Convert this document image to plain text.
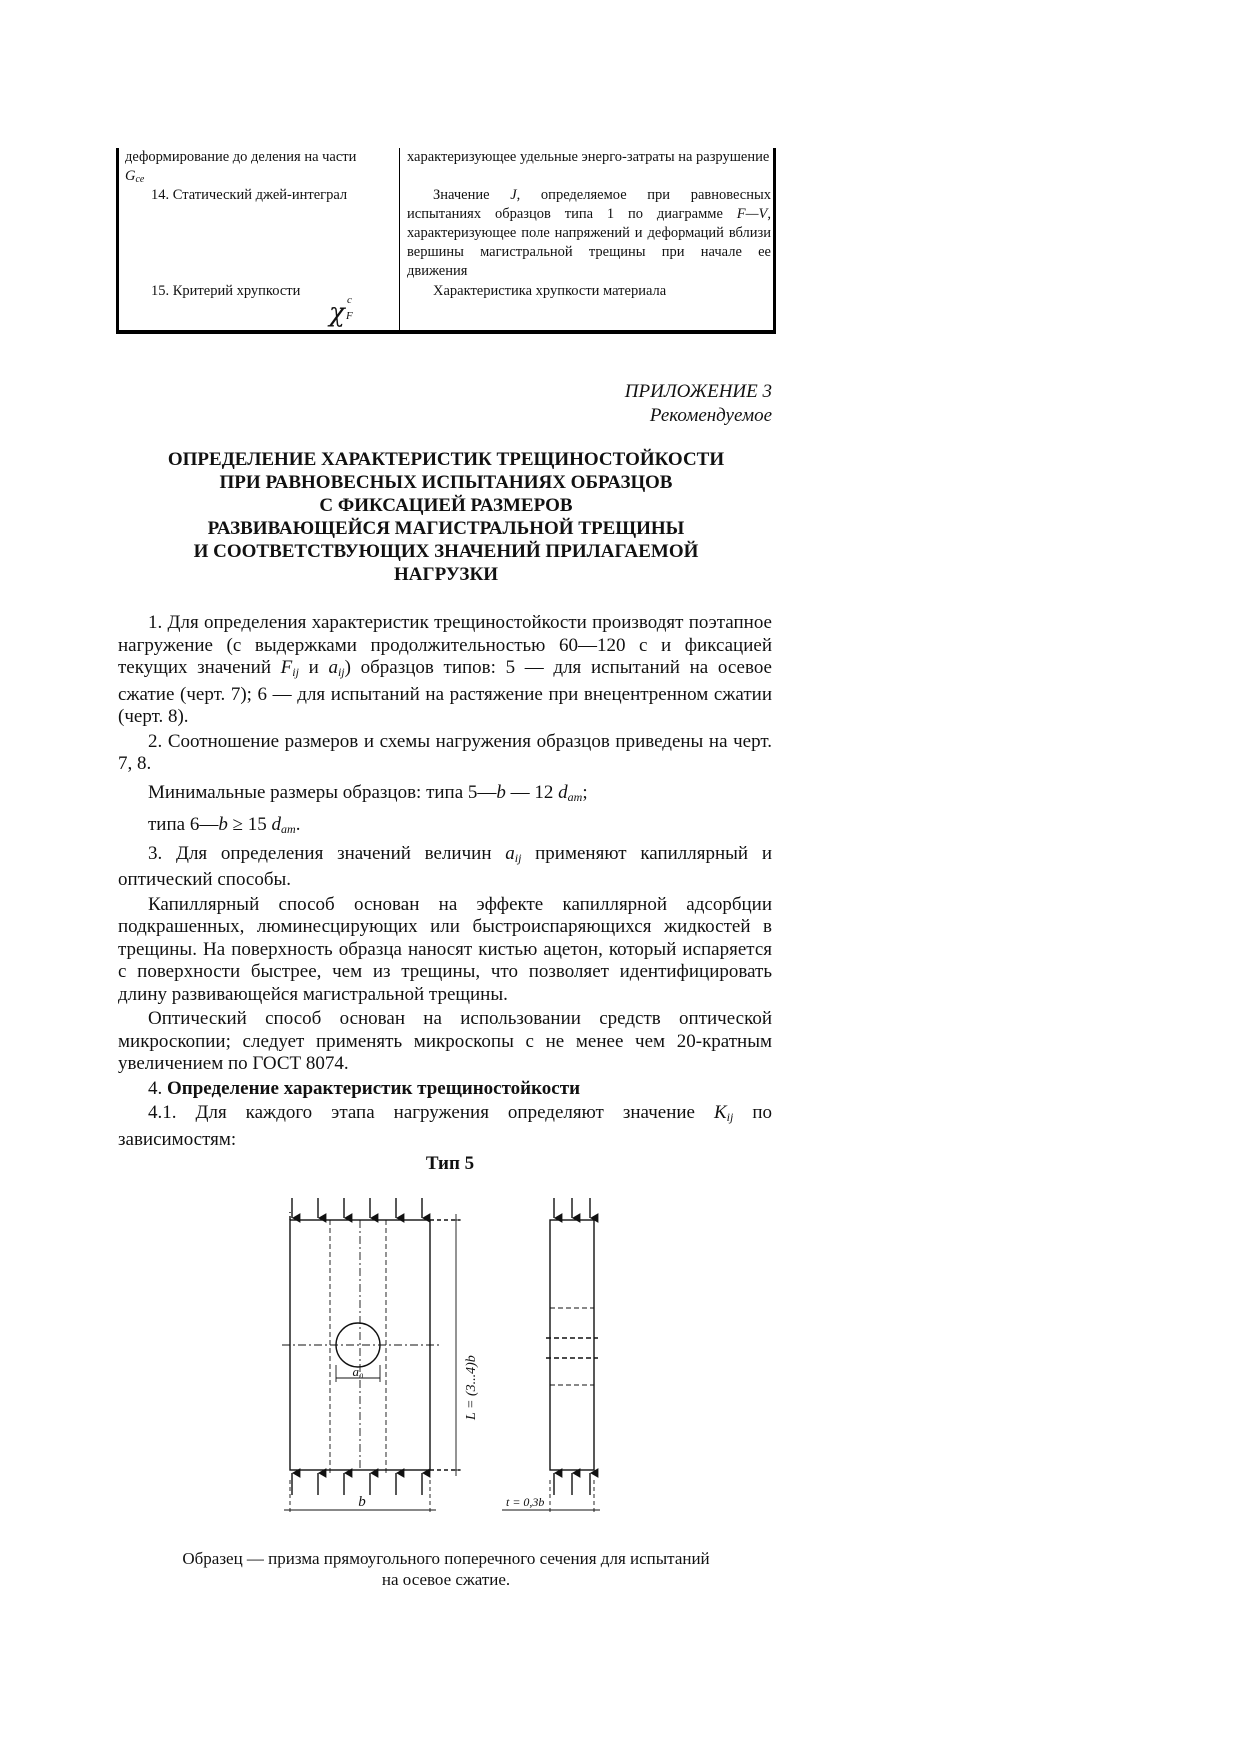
деформирование до деления на части
$G_{ce}$
характеризующее удельные энерго-затраты на разрушение
14. Статический джей-интеграл	Значение J, определяемое при равновесных испытаниях образцов типа 1 по диаграмме F—V, характеризующее поле напряжений и деформаций вблизи вершины магистральной трещины при начале ее движения
15. Критерий хрупкости
χ c
F
Характеристика хрупкости материала
ПРИЛОЖЕНИЕ 3
Рекомендуемое
ОПРЕДЕЛЕНИЕ ХАРАКТЕРИСТИК ТРЕЩИНОСТОЙКОСТИ
ПРИ РАВНОВЕСНЫХ ИСПЫТАНИЯХ ОБРАЗЦОВ
С ФИКСАЦИЕЙ РАЗМЕРОВ
РАЗВИВАЮЩЕЙСЯ МАГИСТРАЛЬНОЙ ТРЕЩИНЫ
И СООТВЕТСТВУЮЩИХ ЗНАЧЕНИЙ ПРИЛАГАЕМОЙ
НАГРУЗКИ

1. Для определения характеристик трещиностойкости производят поэтапное нагружение (с выдержками продолжительностью 60—120 с и фиксацией текущих значений Fij и aij) образцов типов: 5 — для испытаний на осевое сжатие (черт. 7); 6 — для испытаний на растяжение при внецентренном сжатии (черт. 8).

2. Соотношение размеров и схемы нагружения образцов приведены на черт. 7, 8.

Минимальные размеры образцов: типа 5—b — 12 dam;

типа 6—b ≥ 15 dam.

3. Для определения значений величин aij применяют капиллярный и оптический способы.

Капиллярный способ основан на эффекте капиллярной адсорбции подкрашенных, люминесцирующих или быстроиспаряющихся жидкостей в трещины. На поверхность образца наносят кистью ацетон, который испаряется с поверхности быстрее, чем из трещины, что позволяет идентифицировать длину развивающейся магистральной трещины.

Оптический способ основан на использовании средств оптической микроскопии; следует применять микроскопы с не менее чем 20-кратным увеличением по ГОСТ 8074.

4. Определение характеристик трещиностойкости

4.1. Для каждого этапа нагружения определяют значение Kij по зависимостям:

Тип 5
a₀
b
L = (3...4)b
t = 0,3b
Образец — призма прямоугольного поперечного сечения для испытаний
на осевое сжатие.
